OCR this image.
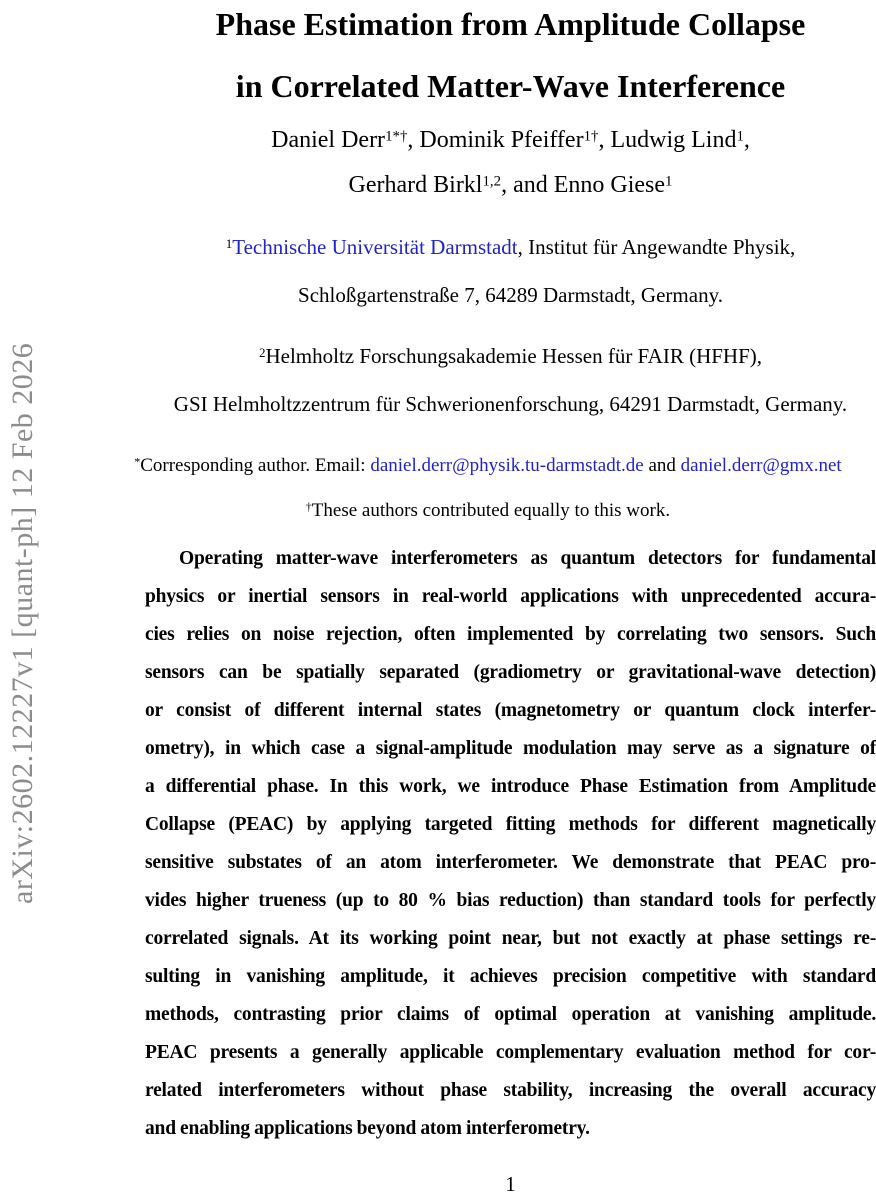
arXiv:2602.12227v1 [quant-ph] 12 Feb 2026
Phase Estimation from Amplitude Collapse
in Correlated Matter-Wave Interference
Daniel Derr$^{1*\dagger}$, Dominik Pfeiffer$^{1\dagger}$, Ludwig Lind$^1$,
Gerhard Birkl$^{1,2}$, and Enno Giese$^1$
$^1$Technische Universität Darmstadt, Institut für Angewandte Physik,
Schloßgartenstraße 7, 64289 Darmstadt, Germany.
$^2$Helmholtz Forschungsakademie Hessen für FAIR (HFHF),
GSI Helmholtzzentrum für Schwerionenforschung, 64291 Darmstadt, Germany.
*Corresponding author. Email: daniel.derr@physik.tu-darmstadt.de and daniel.derr@gmx.net
†These authors contributed equally to this work.
Operating matter-wave interferometers as quantum detectors for fundamental
physics or inertial sensors in real-world applications with unprecedented accura-
cies relies on noise rejection, often implemented by correlating two sensors. Such
sensors can be spatially separated (gradiometry or gravitational-wave detection)
or consist of different internal states (magnetometry or quantum clock interfer-
ometry), in which case a signal-amplitude modulation may serve as a signature of
a differential phase. In this work, we introduce Phase Estimation from Amplitude
Collapse (PEAC) by applying targeted fitting methods for different magnetically
sensitive substates of an atom interferometer. We demonstrate that PEAC pro-
vides higher trueness (up to 80 % bias reduction) than standard tools for perfectly
correlated signals. At its working point near, but not exactly at phase settings re-
sulting in vanishing amplitude, it achieves precision competitive with standard
methods, contrasting prior claims of optimal operation at vanishing amplitude.
PEAC presents a generally applicable complementary evaluation method for cor-
related interferometers without phase stability, increasing the overall accuracy
and enabling applications beyond atom interferometry.
1
